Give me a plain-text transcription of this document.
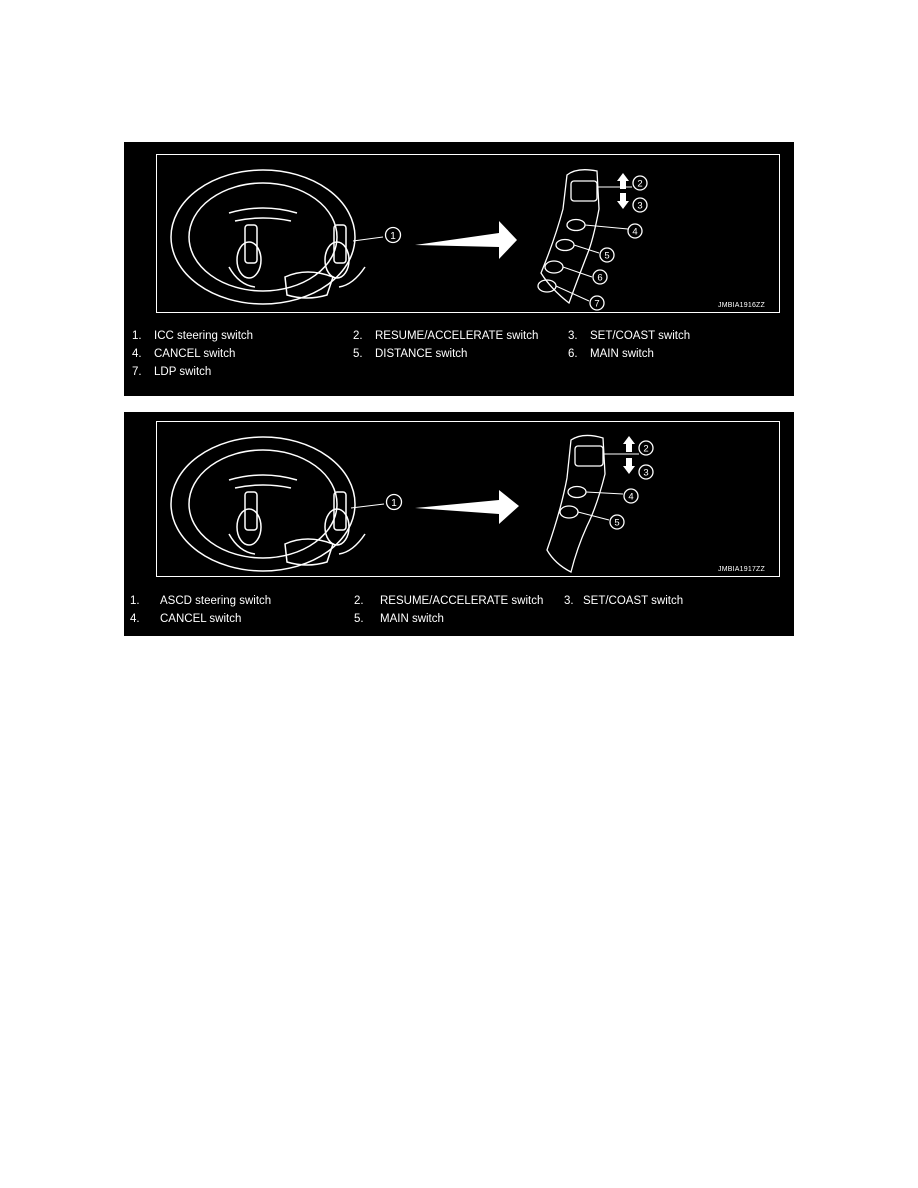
1
2
3
4
5
6
7	JMBIA1916ZZ
1. ICC steering switch	2. RESUME/ACCELERATE switch	3. SET/COAST switch
4. CANCEL switch	5. DISTANCE switch	6. MAIN switch
7. LDP switch
1
2
3
4
5
JMBIA1917ZZ
1. ASCD steering switch	2. RESUME/ACCELERATE switch 3. SET/COAST switch
4. CANCEL switch	5. MAIN switch
